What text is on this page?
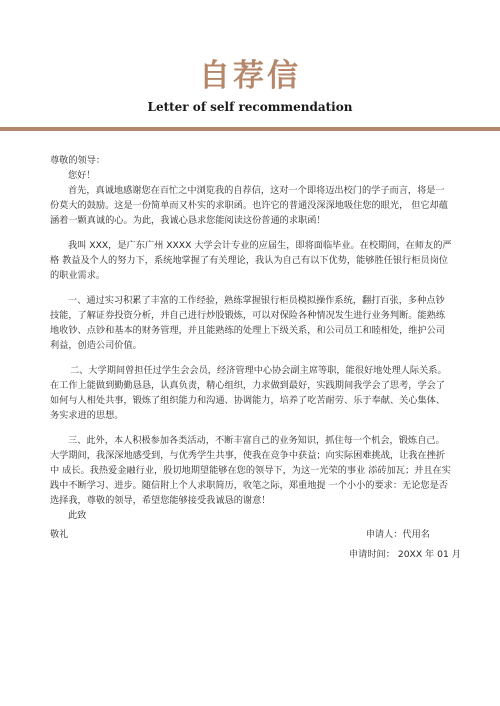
自荐信
Letter of self recommendation

尊敬的领导：

您好！

首先，真诚地感谢您在百忙之中浏览我的自荐信，这对一个即将迈出校门的学子而言，将是一份莫大的鼓励。这是一份简单而又朴实的求职函。也许它的普通没深深地吸住您的眼光， 但它却蕴涵着一颗真诚的心。为此，我诚心恳求您能阅读这份普通的求职函！

我叫 XXX，是广东广州 XXXX 大学会计专业的应届生，即将面临毕业。在校期间，在师友的严格 教益及个人的努力下，系统地掌握了有关理论，我认为自己有以下优势，能够胜任银行柜员岗位的职业需求。

一、通过实习积累了丰富的工作经验，熟练掌握银行柜员模拟操作系统，翻打百张，多种点钞技能，了解证券投资分析，并自己进行炒股锻炼，可以对保险各种情况发生进行业务判断。能熟练地收钞、点钞和基本的财务管理，并且能熟练的处理上下级关系，和公司员工和睦相处，维护公司利益，创造公司价值。

二、大学期间曾担任过学生会会员，经济管理中心协会副主席等职，能很好地处理人际关系。在工作上能做到勤勤恳恳，认真负责，精心组织，力求做到最好，实践期间我学会了思考，学会了如何与人相处共事，锻炼了组织能力和沟通、协调能力，培养了吃苦耐劳、乐于奉献、关心集体、务实求进的思想。

三、此外，本人积极参加各类活动，不断丰富自己的业务知识，抓住每一个机会，锻炼自己。大学期间，我深深地感受到，与优秀学生共事，使我在竞争中获益；向实际困难挑战，让我在挫折中 成长。我热爱金融行业，殷切地期望能够在您的领导下，为这一光荣的事业 添砖加瓦；并且在实践中不断学习、进步。随信附上个人求职简历，收笔之际，郑重地提 一个小小的要求：无论您是否选择我，尊敬的领导，希望您能够接受我诚恳的谢意！

此致

敬礼	申请人：代用名
申请时间： 20XX 年 01 月
